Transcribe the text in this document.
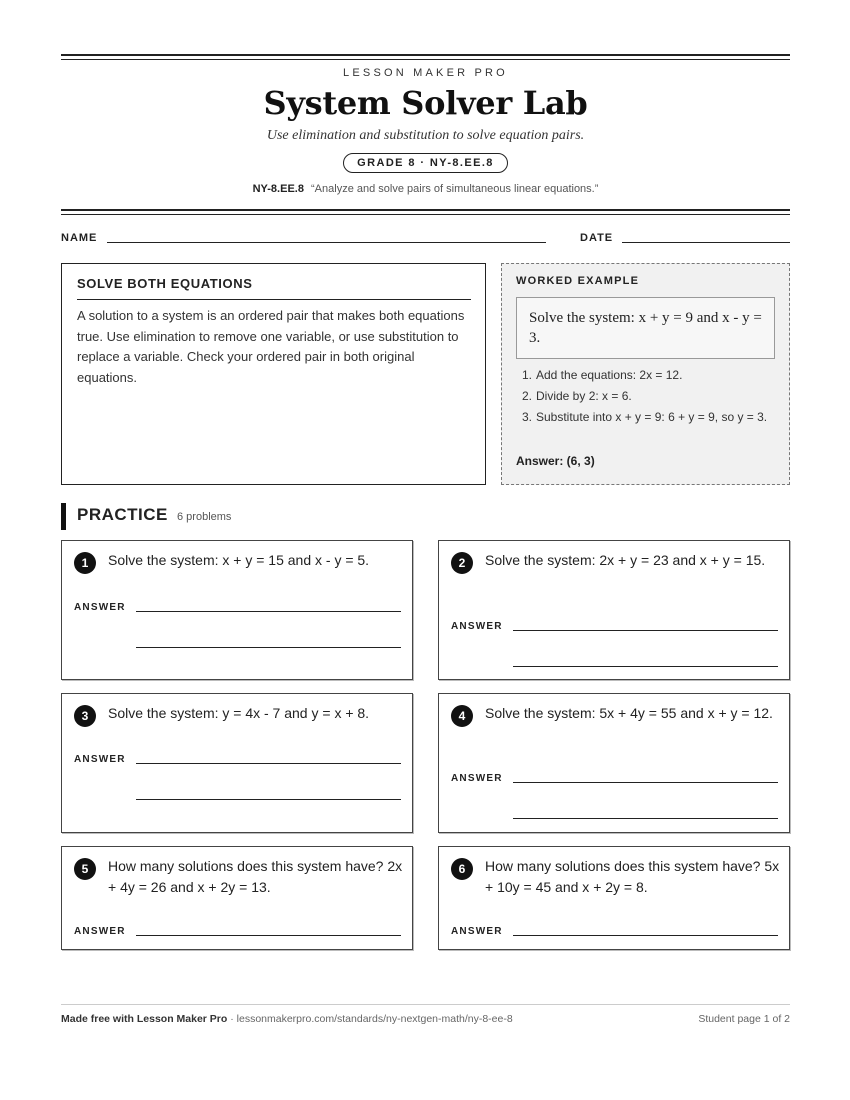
LESSON MAKER PRO
System Solver Lab
Use elimination and substitution to solve equation pairs.
GRADE 8 · NY-8.EE.8
NY-8.EE.8 “Analyze and solve pairs of simultaneous linear equations.”
NAME	DATE
SOLVE BOTH EQUATIONS
A solution to a system is an ordered pair that makes both equations true. Use elimination to remove one variable, or use substitution to replace a variable. Check your ordered pair in both original equations.
WORKED EXAMPLE
Solve the system: x + y = 9 and x - y = 3.
1. Add the equations: 2x = 12.
2. Divide by 2: x = 6.
3. Substitute into x + y = 9: 6 + y = 9, so y = 3.
Answer: (6, 3)
PRACTICE 6 problems
1	Solve the system: x + y = 15 and x - y = 5.
ANSWER
2	Solve the system: 2x + y = 23 and x + y = 15.
ANSWER
3	Solve the system: y = 4x - 7 and y = x + 8.
ANSWER
4	Solve the system: 5x + 4y = 55 and x + y = 12.
ANSWER
5	How many solutions does this system have? 2x + 4y = 26 and x + 2y = 13.
ANSWER
6	How many solutions does this system have? 5x + 10y = 45 and x + 2y = 8.
ANSWER
Made free with Lesson Maker Pro · lessonmakerpro.com/standards/ny-nextgen-math/ny-8-ee-8	Student page 1 of 2
